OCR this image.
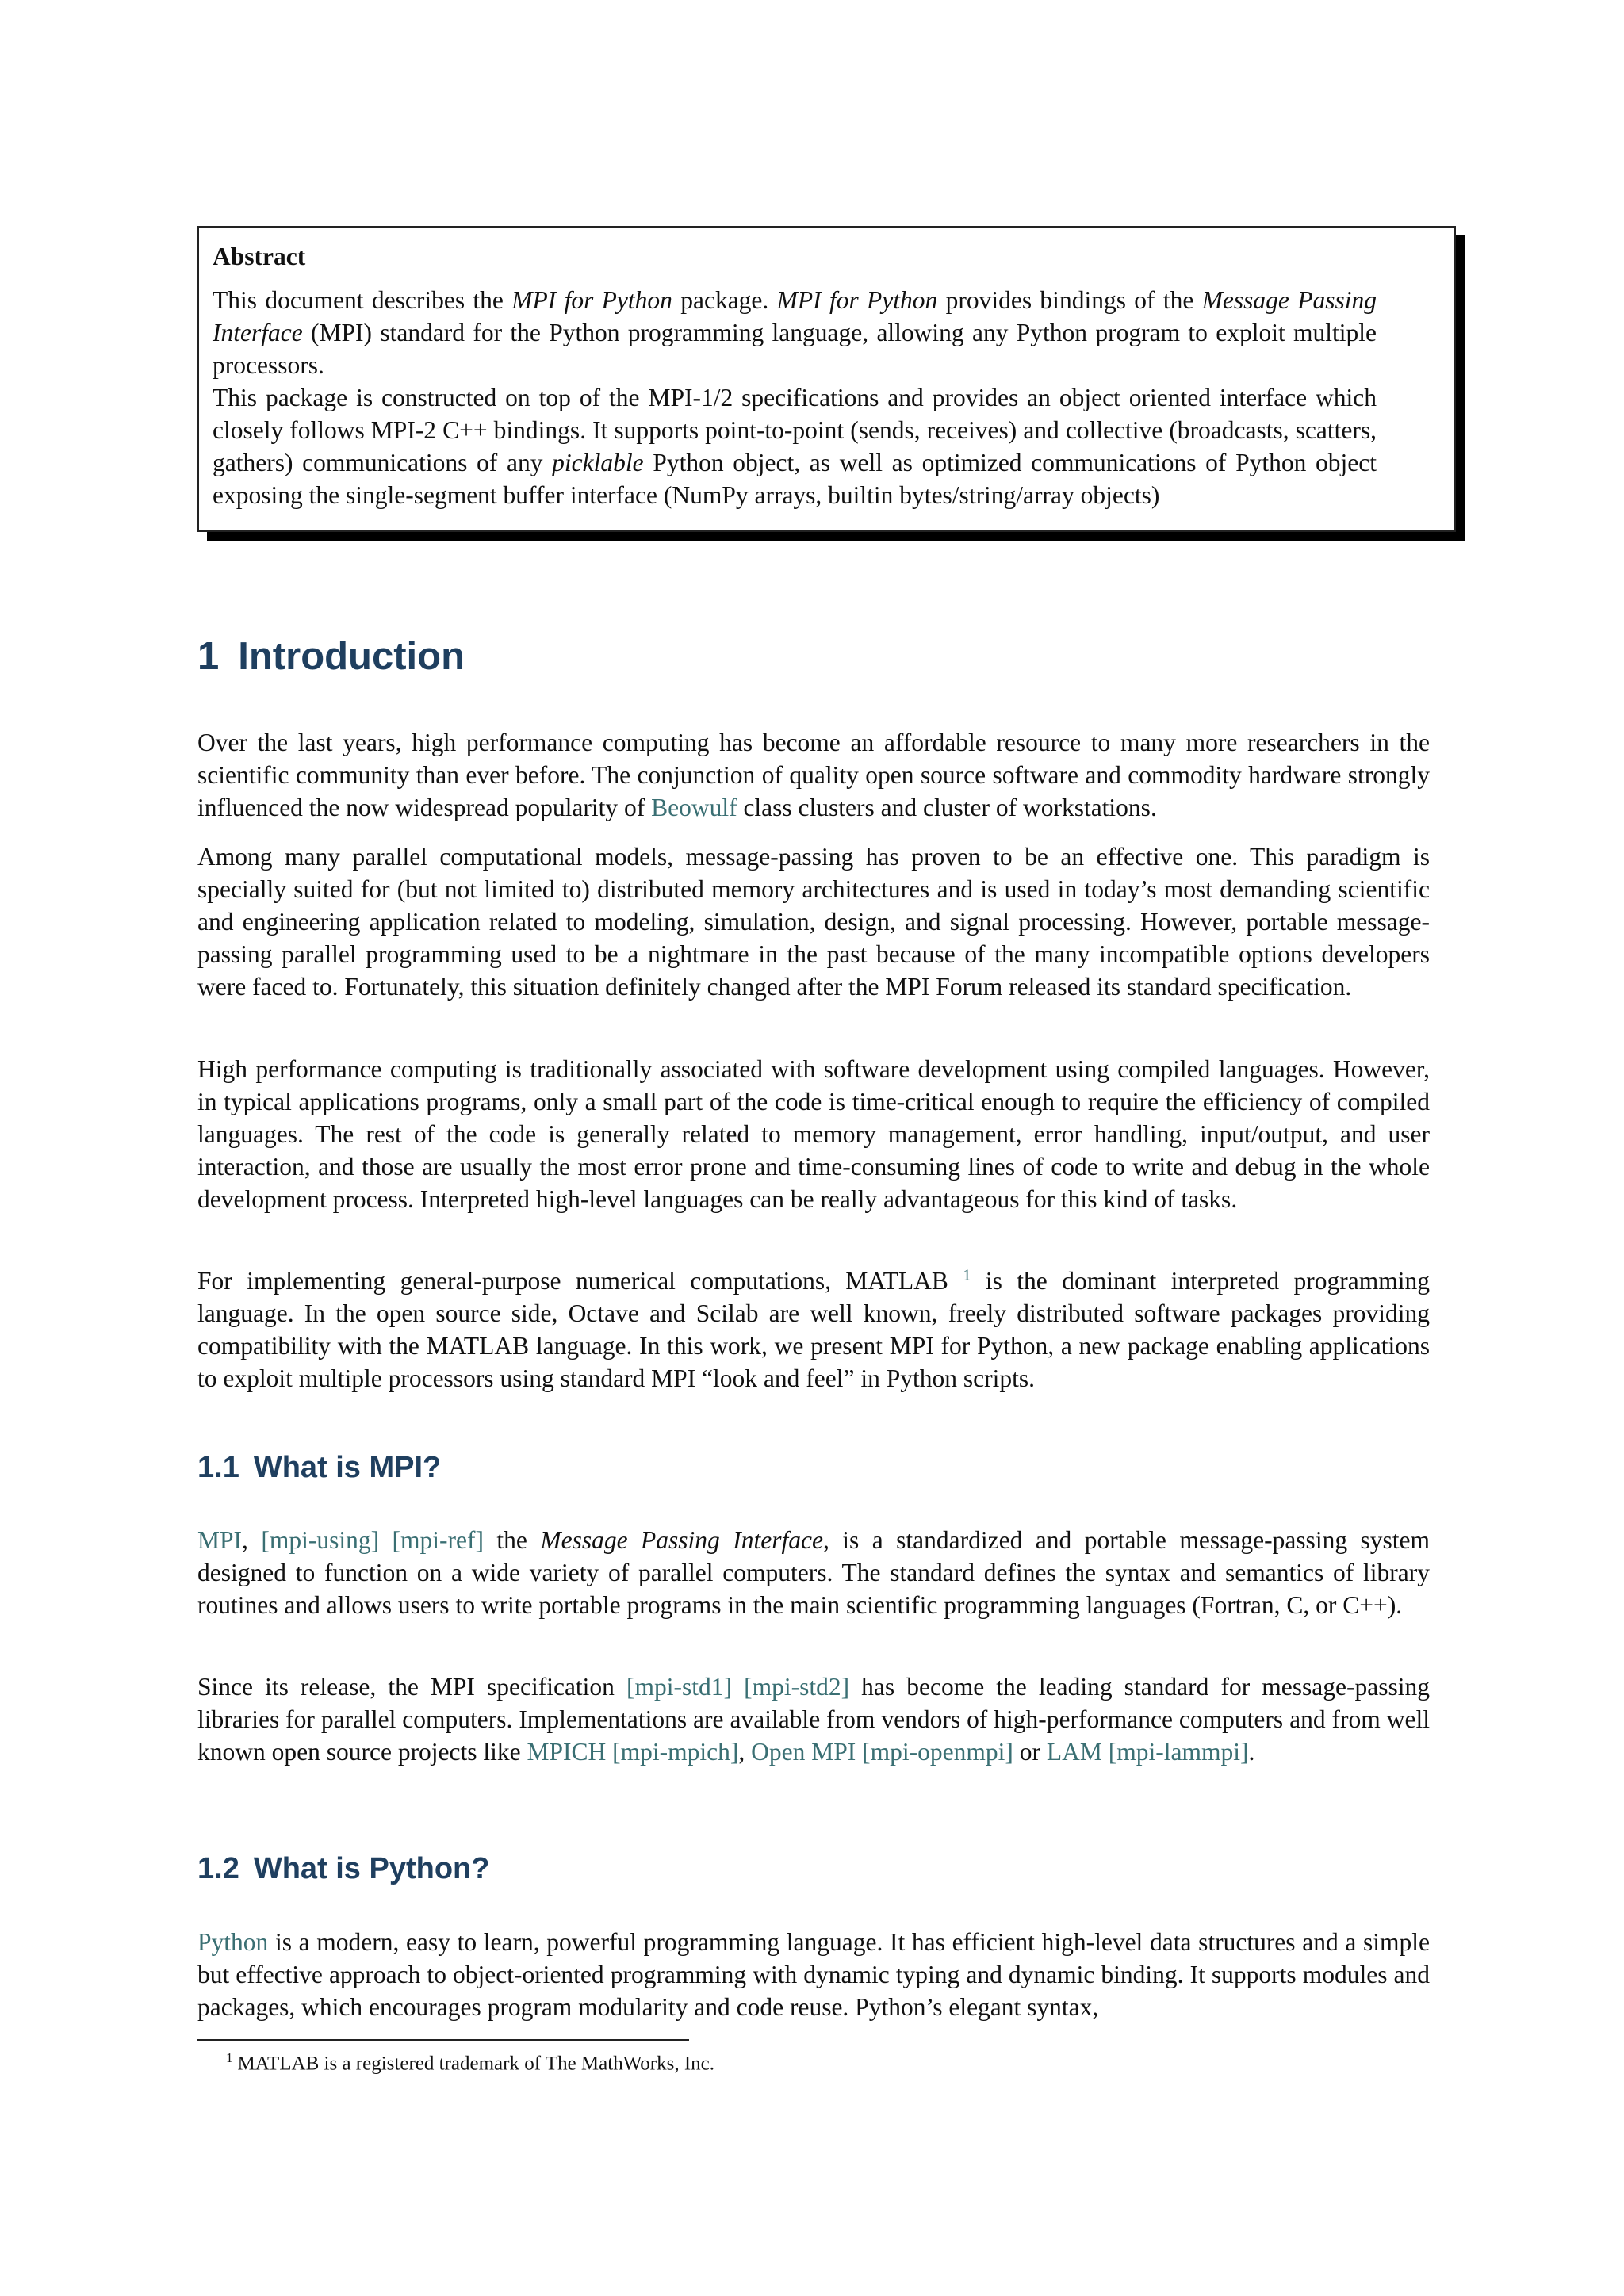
Abstract

This document describes the MPI for Python package. MPI for Python provides bindings of the Message Passing Interface (MPI) standard for the Python programming language, allowing any Python program to exploit multiple processors.

This package is constructed on top of the MPI-1/2 specifications and provides an object oriented interface which closely follows MPI-2 C++ bindings. It supports point-to-point (sends, receives) and collective (broadcasts, scatters, gathers) communications of any picklable Python object, as well as optimized communications of Python object exposing the single-segment buffer interface (NumPy arrays, builtin bytes/string/array objects)

1 Introduction

Over the last years, high performance computing has become an affordable resource to many more researchers in the scientific community than ever before. The conjunction of quality open source software and commodity hardware strongly influenced the now widespread popularity of Beowulf class clusters and cluster of workstations.

Among many parallel computational models, message-passing has proven to be an effective one. This paradigm is specially suited for (but not limited to) distributed memory architectures and is used in today’s most demanding scientific and engineering application related to modeling, simulation, design, and signal processing. However, portable message-passing parallel programming used to be a nightmare in the past because of the many incompatible options developers were faced to. Fortunately, this situation definitely changed after the MPI Forum released its standard specification.

High performance computing is traditionally associated with software development using compiled languages. However, in typical applications programs, only a small part of the code is time-critical enough to require the efficiency of compiled languages. The rest of the code is generally related to memory management, error handling, input/output, and user interaction, and those are usually the most error prone and time-consuming lines of code to write and debug in the whole development process. Interpreted high-level languages can be really advantageous for this kind of tasks.

For implementing general-purpose numerical computations, MATLAB $^1$ is the dominant interpreted programming language. In the open source side, Octave and Scilab are well known, freely distributed software packages providing compatibility with the MATLAB language. In this work, we present MPI for Python, a new package enabling applications to exploit multiple processors using standard MPI “look and feel” in Python scripts.

1.1 What is MPI?

MPI, [mpi-using] [mpi-ref] the Message Passing Interface, is a standardized and portable message-passing system designed to function on a wide variety of parallel computers. The standard defines the syntax and semantics of library routines and allows users to write portable programs in the main scientific programming languages (Fortran, C, or C++).

Since its release, the MPI specification [mpi-std1] [mpi-std2] has become the leading standard for message-passing libraries for parallel computers. Implementations are available from vendors of high-performance computers and from well known open source projects like MPICH [mpi-mpich], Open MPI [mpi-openmpi] or LAM [mpi-lammpi].

1.2 What is Python?

Python is a modern, easy to learn, powerful programming language. It has efficient high-level data structures and a simple but effective approach to object-oriented programming with dynamic typing and dynamic binding. It supports modules and packages, which encourages program modularity and code reuse. Python’s elegant syntax,

$^1$ MATLAB is a registered trademark of The MathWorks, Inc.
